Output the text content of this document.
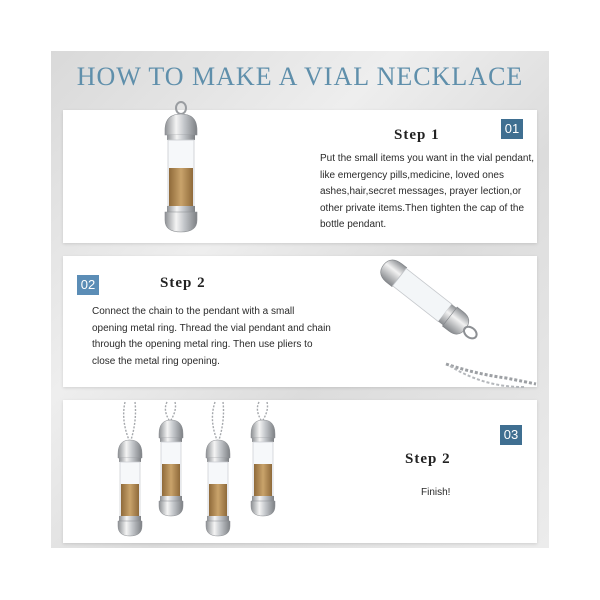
HOW TO MAKE A VIAL NECKLACE
01
Step 1

Put the small items you want in the vial pendant, like emergency pills,medicine, loved ones ashes,hair,secret messages, prayer lection,or other private items.Then tighten the cap of the bottle pendant.

02	Step 2

Connect the chain to the pendant with a small opening metal ring. Thread the vial pendant and chain through the opening metal ring. Then use pliers to close the metal ring opening.

03
Step 2

Finish!
